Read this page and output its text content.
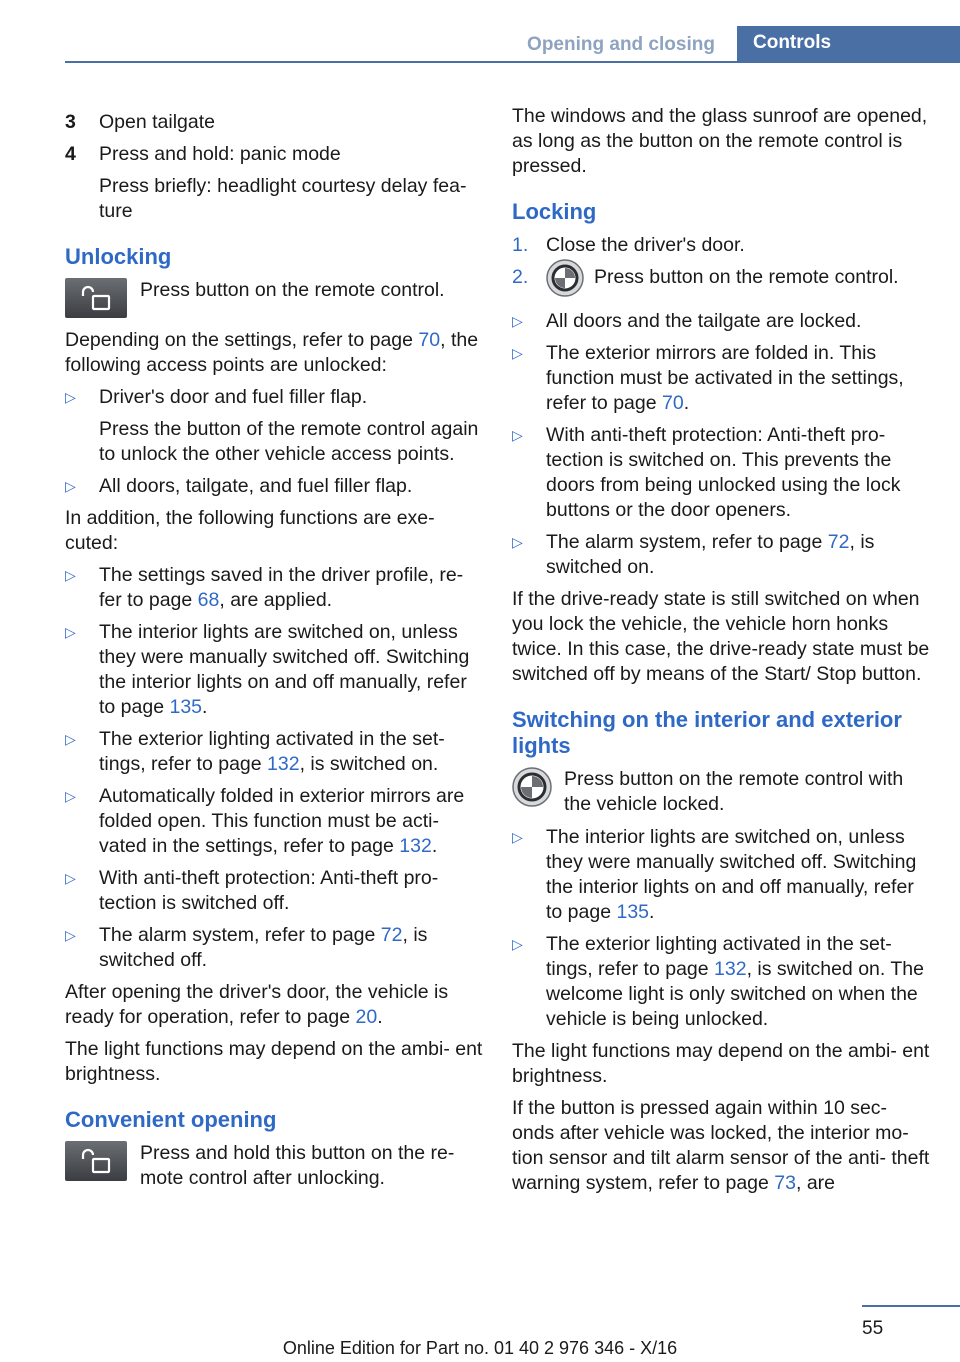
Opening and closing	Controls
3 Open tailgate
4 Press and hold: panic mode
Press briefly: headlight courtesy delay fea‐ ture
Unlocking
Press button on the remote control.

Depending on the settings, refer to page 70, the following access points are unlocked:

▷
Driver's door and fuel filler flap.
Press the button of the remote control again to unlock the other vehicle access points.
▷
All doors, tailgate, and fuel filler flap.

In addition, the following functions are exe‐ cuted:

▷
The settings saved in the driver profile, re‐ fer to page 68, are applied.
▷
The interior lights are switched on, unless they were manually switched off. Switching the interior lights on and off manually, refer to page 135.
▷
The exterior lighting activated in the set‐ tings, refer to page 132, is switched on.
▷
Automatically folded in exterior mirrors are folded open. This function must be acti‐ vated in the settings, refer to page 132.
▷
With anti-theft protection: Anti-theft pro‐ tection is switched off.
▷
The alarm system, refer to page 72, is switched off.

After opening the driver's door, the vehicle is ready for operation, refer to page 20.

The light functions may depend on the ambi‐ ent brightness.

Convenient opening
Press and hold this button on the re‐ mote control after unlocking.

The windows and the glass sunroof are opened, as long as the button on the remote control is pressed.

Locking
1. Close the driver's door.
2.	Press button on the remote control.
▷
All doors and the tailgate are locked.
▷
The exterior mirrors are folded in. This function must be activated in the settings, refer to page 70.
▷
With anti-theft protection: Anti-theft pro‐ tection is switched on. This prevents the doors from being unlocked using the lock buttons or the door openers.
▷
The alarm system, refer to page 72, is switched on.

If the drive-ready state is still switched on when you lock the vehicle, the vehicle horn honks twice. In this case, the drive-ready state must be switched off by means of the Start/ Stop button.

Switching on the interior and exterior lights
Press button on the remote control with the vehicle locked.
▷
The interior lights are switched on, unless they were manually switched off. Switching the interior lights on and off manually, refer to page 135.
▷
The exterior lighting activated in the set‐ tings, refer to page 132, is switched on. The welcome light is only switched on when the vehicle is being unlocked.

The light functions may depend on the ambi‐ ent brightness.

If the button is pressed again within 10 sec‐ onds after vehicle was locked, the interior mo‐ tion sensor and tilt alarm sensor of the anti- theft warning system, refer to page 73, are

55
Online Edition for Part no. 01 40 2 976 346 - X/16
